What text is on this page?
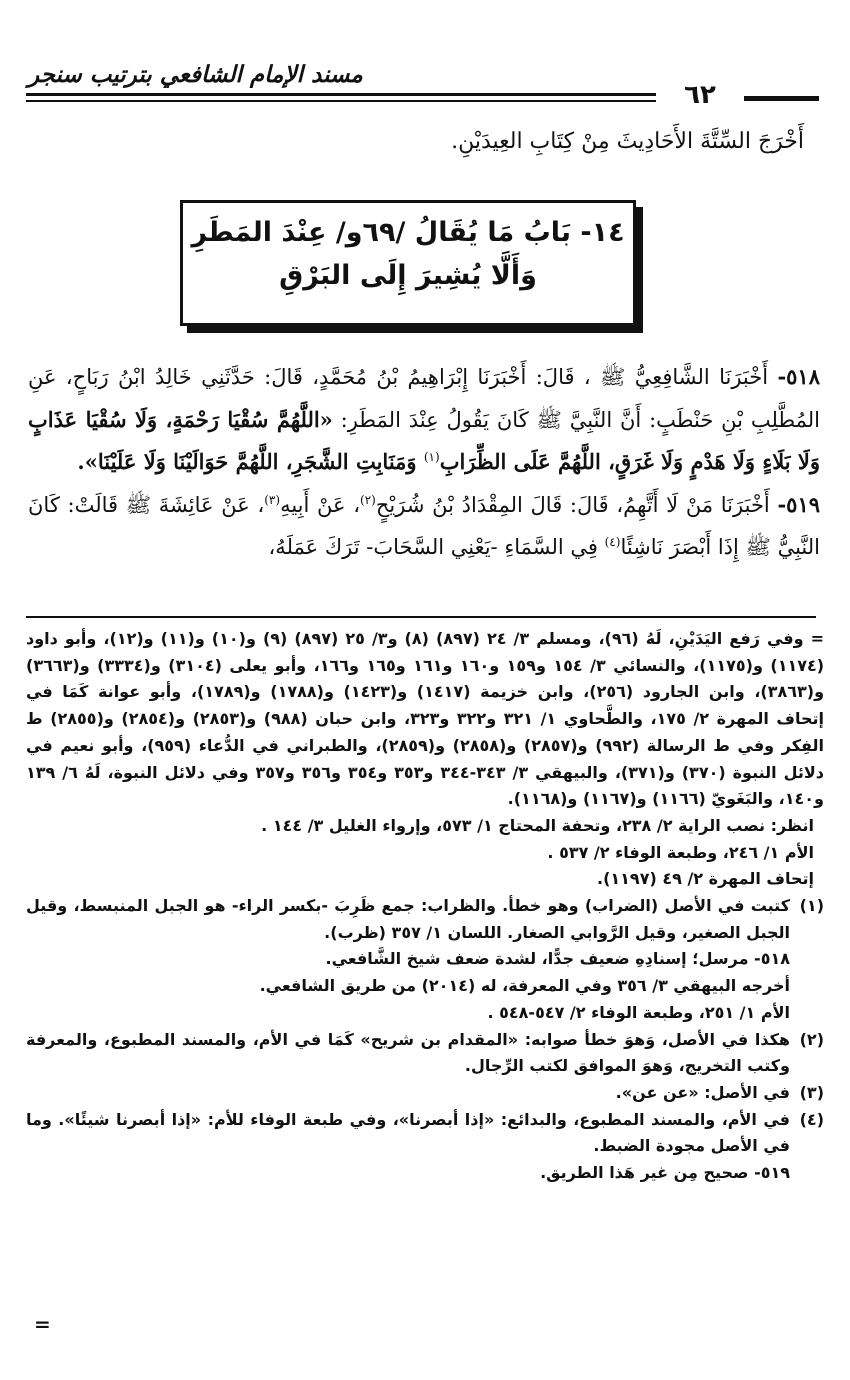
مسند الإمام الشافعي بترتيب سنجر
٦٢
أَخْرَجَ السِّتَّةَ الأَحَادِيثَ مِنْ كِتَابِ العِيدَيْنِ.
١٤- بَابُ مَا يُقَالُ /٦٩و/ عِنْدَ المَطَرِ
وَأَلَّا يُشِيرَ إِلَى البَرْقِ

٥١٨- أَخْبَرَنَا الشَّافِعِيُّ ﷺ ، قَالَ: أَخْبَرَنَا إِبْرَاهِيمُ بْنُ مُحَمَّدٍ، قَالَ: حَدَّثَنِي خَالِدُ ابْنُ رَبَاحٍ، عَنِ المُطَّلِبِ بْنِ حَنْطَبٍ: أَنَّ النَّبِيَّ ﷺ كَانَ يَقُولُ عِنْدَ المَطَرِ: «اللَّهُمَّ سُقْيَا رَحْمَةٍ، وَلَا سُقْيَا عَذَابٍ وَلَا بَلَاءٍ وَلَا هَدْمٍ وَلَا غَرَقٍ، اللَّهُمَّ عَلَى الظِّرَابِ$^{(١)}$ وَمَنَابِتِ الشَّجَرِ، اللَّهُمَّ حَوَالَيْنَا وَلَا عَلَيْنَا».

٥١٩- أَخْبَرَنَا مَنْ لَا أَتَّهِمُ، قَالَ: قَالَ المِقْدَادُ بْنُ شُرَيْحٍ$^{(٢)}$، عَنْ أَبِيهِ$^{(٣)}$، عَنْ عَائِشَةَ ﷺ قَالَتْ: كَانَ النَّبِيُّ ﷺ إِذَا أَبْصَرَ نَاشِئًا$^{(٤)}$ فِي السَّمَاءِ -يَعْنِي السَّحَابَ- تَرَكَ عَمَلَهُ،

= وفي رَفع اليَدَيْنِ، لَهُ (٩٦)، ومسلم ٣/ ٢٤ (٨٩٧) (٨) و٣/ ٢٥ (٨٩٧) (٩) و(١٠) و(١١) و(١٢)، وأبو داود (١١٧٤) و(١١٧٥)، والنسائي ٣/ ١٥٤ و١٥٩ و١٦٠ و١٦١ و١٦٥ و١٦٦، وأبو يعلى (٣١٠٤) و(٣٣٣٤) و(٣٦٦٣) و(٣٨٦٣)، وابن الجارود (٢٥٦)، وابن خزيمة (١٤١٧) و(١٤٢٣) و(١٧٨٨) و(١٧٨٩)، وأبو عوانة كَمَا في إتحاف المهرة ٢/ ١٧٥، والطَّحاوي ١/ ٣٢١ و٣٢٢ و٣٢٣، وابن حبان (٩٨٨) و(٢٨٥٣) و(٢٨٥٤) و(٢٨٥٥) ط الفِكر وفي ط الرسالة (٩٩٢) و(٢٨٥٧) و(٢٨٥٨) و(٢٨٥٩)، والطبراني في الدُّعاء (٩٥٩)، وأبو نعيم في دلائل النبوة (٣٧٠) و(٣٧١)، والبيهقي ٣/ ٣٤٣-٣٤٤ و٣٥٣ و٣٥٤ و٣٥٦ و٣٥٧ وفي دلائل النبوة، لَهُ ٦/ ١٣٩ و١٤٠، والبَغَويّ (١١٦٦) و(١١٦٧) و(١١٦٨).

انظر: نصب الراية ٢/ ٢٣٨، وتحفة المحتاج ١/ ٥٧٣، وإرواء الغليل ٣/ ١٤٤ .

الأم ١/ ٢٤٦، وطبعة الوفاء ٢/ ٥٣٧ .

إتحاف المهرة ٢/ ٤٩ (١١٩٧).

(١)

كتبت في الأصل (الضراب) وهو خطأ. والظراب: جمع ظَرِبَ -بكسر الراء- هو الجبل المنبسط، وقيل الجبل الصغير، وقيل الرَّوابي الصغار. اللسان ١/ ٣٥٧ (ظرب).

٥١٨- مرسل؛ إسنادِهِ ضعيف جدًّا، لشدة ضعف شيخ الشَّافعي.

أخرجه البيهقي ٣/ ٣٥٦ وفي المعرفة، له (٢٠١٤) من طريق الشافعي.

الأم ١/ ٢٥١، وطبعة الوفاء ٢/ ٥٤٧-٥٤٨ .

(٢)
هكذا في الأصل، وَهوَ خطأ صوابه: «المقدام بن شريح» كَمَا في الأم، والمسند المطبوع، والمعرفة وكتب التخريج، وَهوَ الموافق لكتب الرِّجال.
(٣)
في الأصل: «عن عن».
(٤)

في الأم، والمسند المطبوع، والبدائع: «إذا أبصرنا»، وفي طبعة الوفاء للأم: «إذا أبصرنا شيئًا». وما في الأصل مجودة الضبط.

٥١٩- صحيح مِن غير هَذا الطريق.

=
